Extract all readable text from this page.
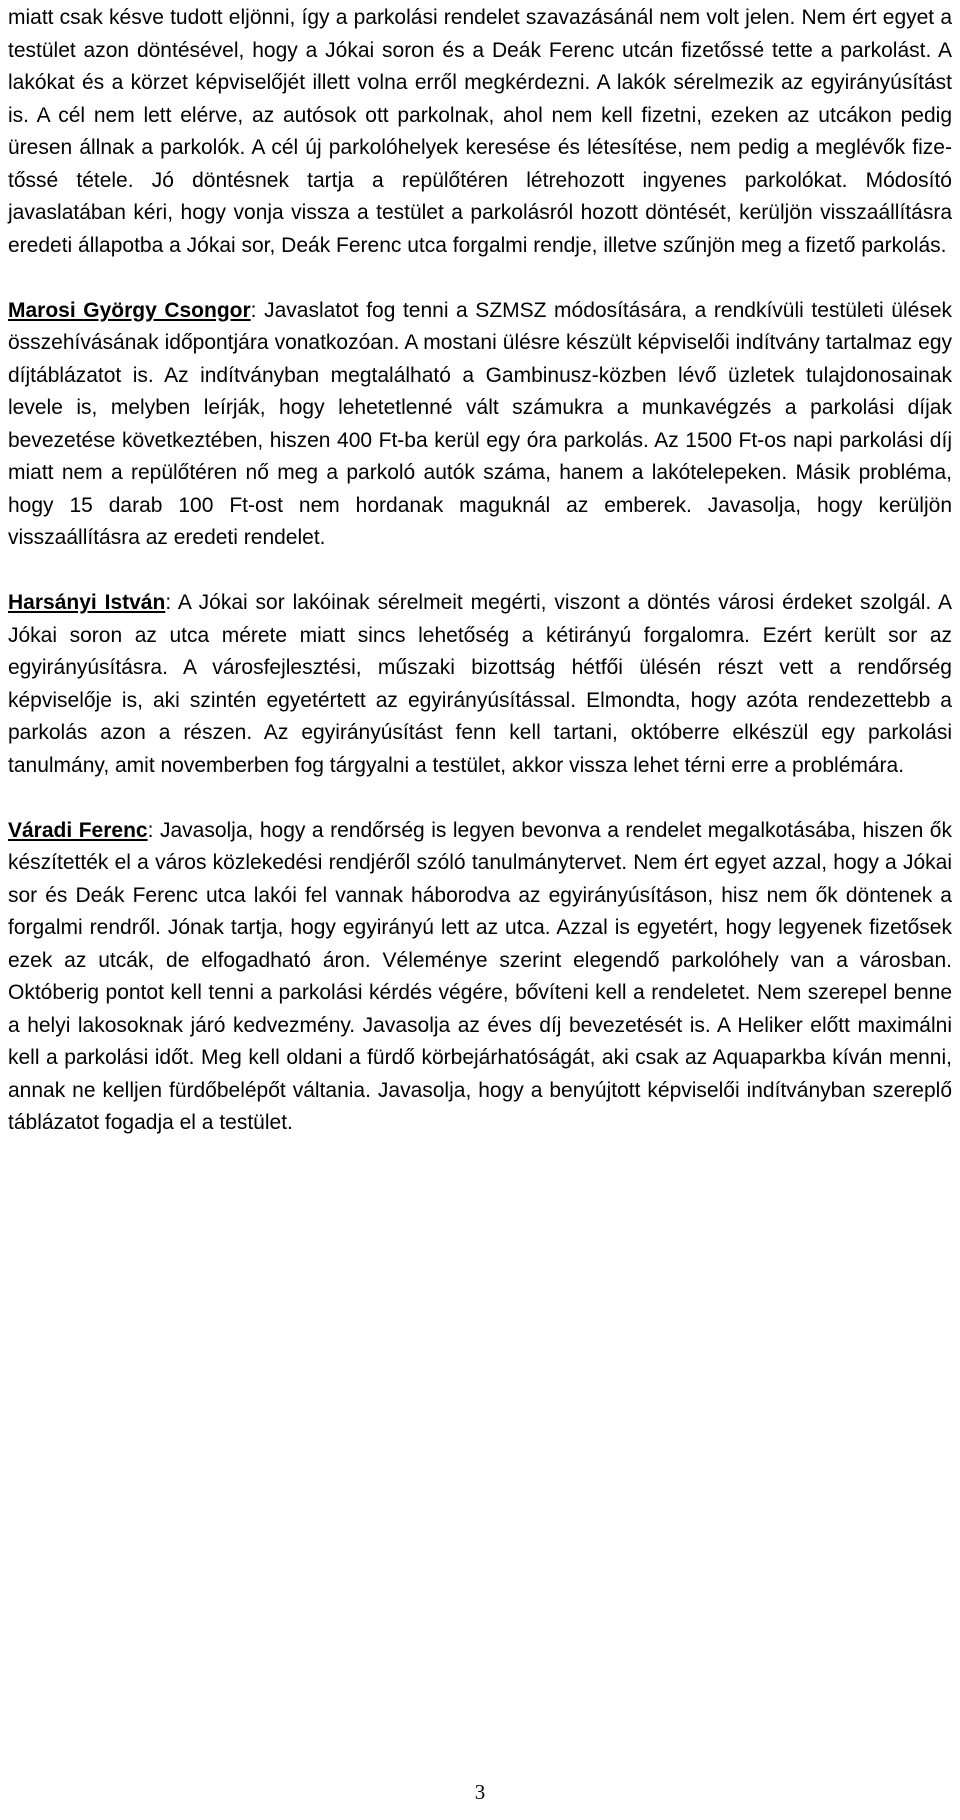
miatt csak késve tudott eljönni, így a parkolási rendelet szavazásánál nem volt jelen. Nem ért egyet a testület azon döntésével, hogy a Jókai soron és a Deák Ferenc utcán fizetőssé tette a parkolást. A lakókat és a körzet képviselőjét illett volna erről megkérdezni. A lakók sérelmezik az egyirányúsítást is. A cél nem lett elérve, az autósok ott parkolnak, ahol nem kell fizetni, ezeken az utcákon pedig üresen állnak a parkolók. A cél új parkolóhelyek keresése és létesítése, nem pedig a meglévők fizetőssé tétele. Jó döntésnek tartja a repülőtéren létrehozott ingyenes parkolókat. Módosító javaslatában kéri, hogy vonja vissza a testület a parkolásról hozott döntését, kerüljön visszaállításra eredeti állapotba a Jókai sor, Deák Ferenc utca forgalmi rendje, illetve szűnjön meg a fizető parkolás.

Marosi György Csongor: Javaslatot fog tenni a SZMSZ módosítására, a rendkívüli testületi ülések összehívásának időpontjára vonatkozóan. A mostani ülésre készült képviselői indítvány tartalmaz egy díjtáblázatot is. Az indítványban megtalálható a Gambinusz-közben lévő üzletek tulajdonosainak levele is, melyben leírják, hogy lehetetlenné vált számukra a munkavégzés a parkolási díjak bevezetése következtében, hiszen 400 Ft-ba kerül egy óra parkolás. Az 1500 Ft-os napi parkolási díj miatt nem a repülőtéren nő meg a parkoló autók száma, hanem a lakótelepeken. Másik probléma, hogy 15 darab 100 Ft-ost nem hordanak maguknál az emberek. Javasolja, hogy kerüljön visszaállításra az eredeti rendelet.

Harsányi István: A Jókai sor lakóinak sérelmeit megérti, viszont a döntés városi érdeket szolgál. A Jókai soron az utca mérete miatt sincs lehetőség a kétirányú forgalomra. Ezért került sor az egyirányúsításra. A városfejlesztési, műszaki bizottság hétfői ülésén részt vett a rendőrség képviselője is, aki szintén egyetértett az egyirányúsítással. Elmondta, hogy azóta rendezettebb a parkolás azon a részen. Az egyirányúsítást fenn kell tartani, októberre elkészül egy parkolási tanulmány, amit novemberben fog tárgyalni a testület, akkor vissza lehet térni erre a problémára.

Váradi Ferenc: Javasolja, hogy a rendőrség is legyen bevonva a rendelet megalkotásába, hiszen ők készítették el a város közlekedési rendjéről szóló tanulmánytervet. Nem ért egyet azzal, hogy a Jókai sor és Deák Ferenc utca lakói fel vannak háborodva az egyirányúsításon, hisz nem ők döntenek a forgalmi rendről. Jónak tartja, hogy egyirányú lett az utca. Azzal is egyetért, hogy legyenek fizetősek ezek az utcák, de elfogadható áron. Véleménye szerint elegendő parkolóhely van a városban. Októberig pontot kell tenni a parkolási kérdés végére, bővíteni kell a rendeletet. Nem szerepel benne a helyi lakosoknak járó kedvezmény. Javasolja az éves díj bevezetését is. A Heliker előtt maximálni kell a parkolási időt. Meg kell oldani a fürdő körbejárhatóságát, aki csak az Aquaparkba kíván menni, annak ne kelljen fürdőbelépőt váltania. Javasolja, hogy a benyújtott képviselői indítványban szereplő táblázatot fogadja el a testület.

3
